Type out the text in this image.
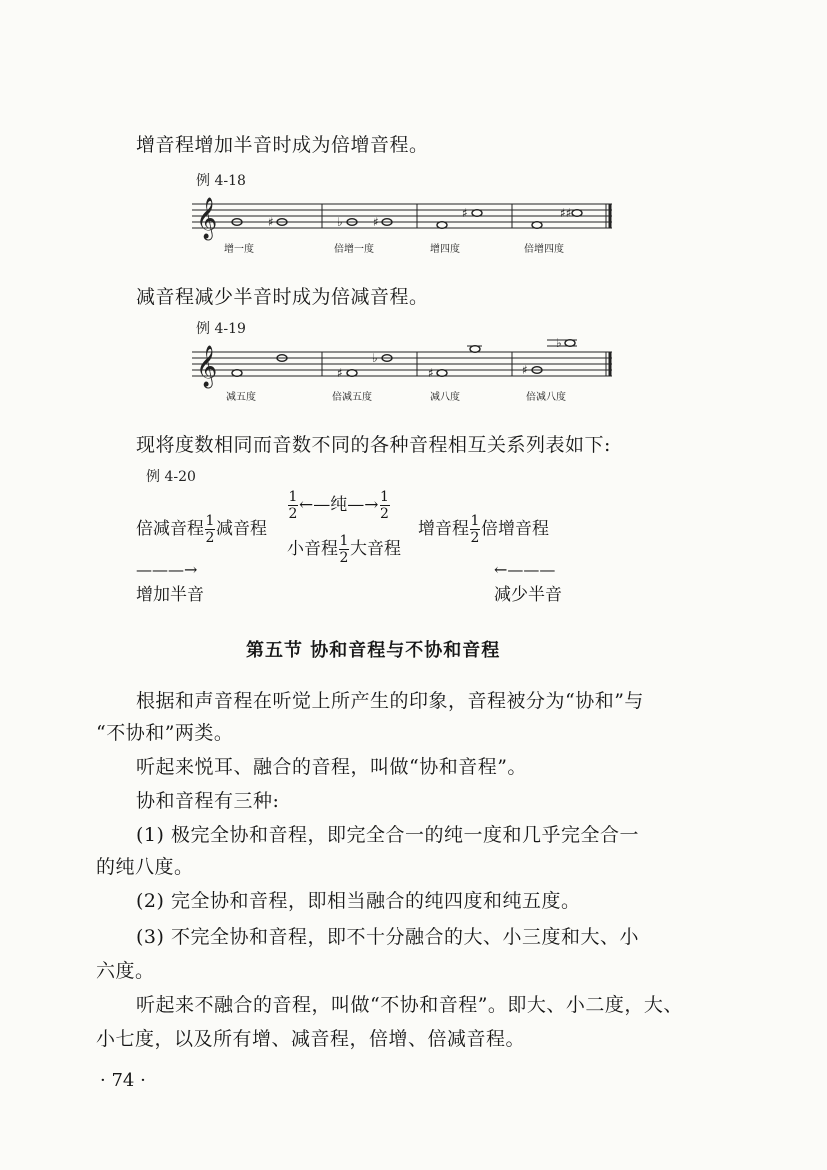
增音程增加半音时成为倍增音程。
例 4-18
𝄞	♯	♭	♯
♯	♯♯
增一度	倍增一度	增四度	倍增四度
减音程减少半音时成为倍减音程。
例 4-19
𝄞	♯
♭
♯	♯
♭
减五度	倍减五度	减八度	倍减八度
现将度数相同而音数不同的各种音程相互关系列表如下:
例 4-20
倍减音程 $\frac{1}{2}$ 减音程
$\frac{1}{2}$ ←—纯—→ $\frac{1}{2}$
小音程 $\frac{1}{2}$ 大音程
增音程 $\frac{1}{2}$ 倍增音程
———→
增加半音
←———
减少半音
第五节 协和音程与不协和音程
根据和声音程在听觉上所产生的印象，音程被分为“协和”与
“不协和”两类。
听起来悦耳、融合的音程，叫做“协和音程”。
协和音程有三种:
(1) 极完全协和音程，即完全合一的纯一度和几乎完全合一
的纯八度。
(2) 完全协和音程，即相当融合的纯四度和纯五度。
(3) 不完全协和音程，即不十分融合的大、小三度和大、小
六度。
听起来不融合的音程，叫做“不协和音程”。即大、小二度，大、
小七度，以及所有增、减音程，倍增、倍减音程。
· 74 ·
